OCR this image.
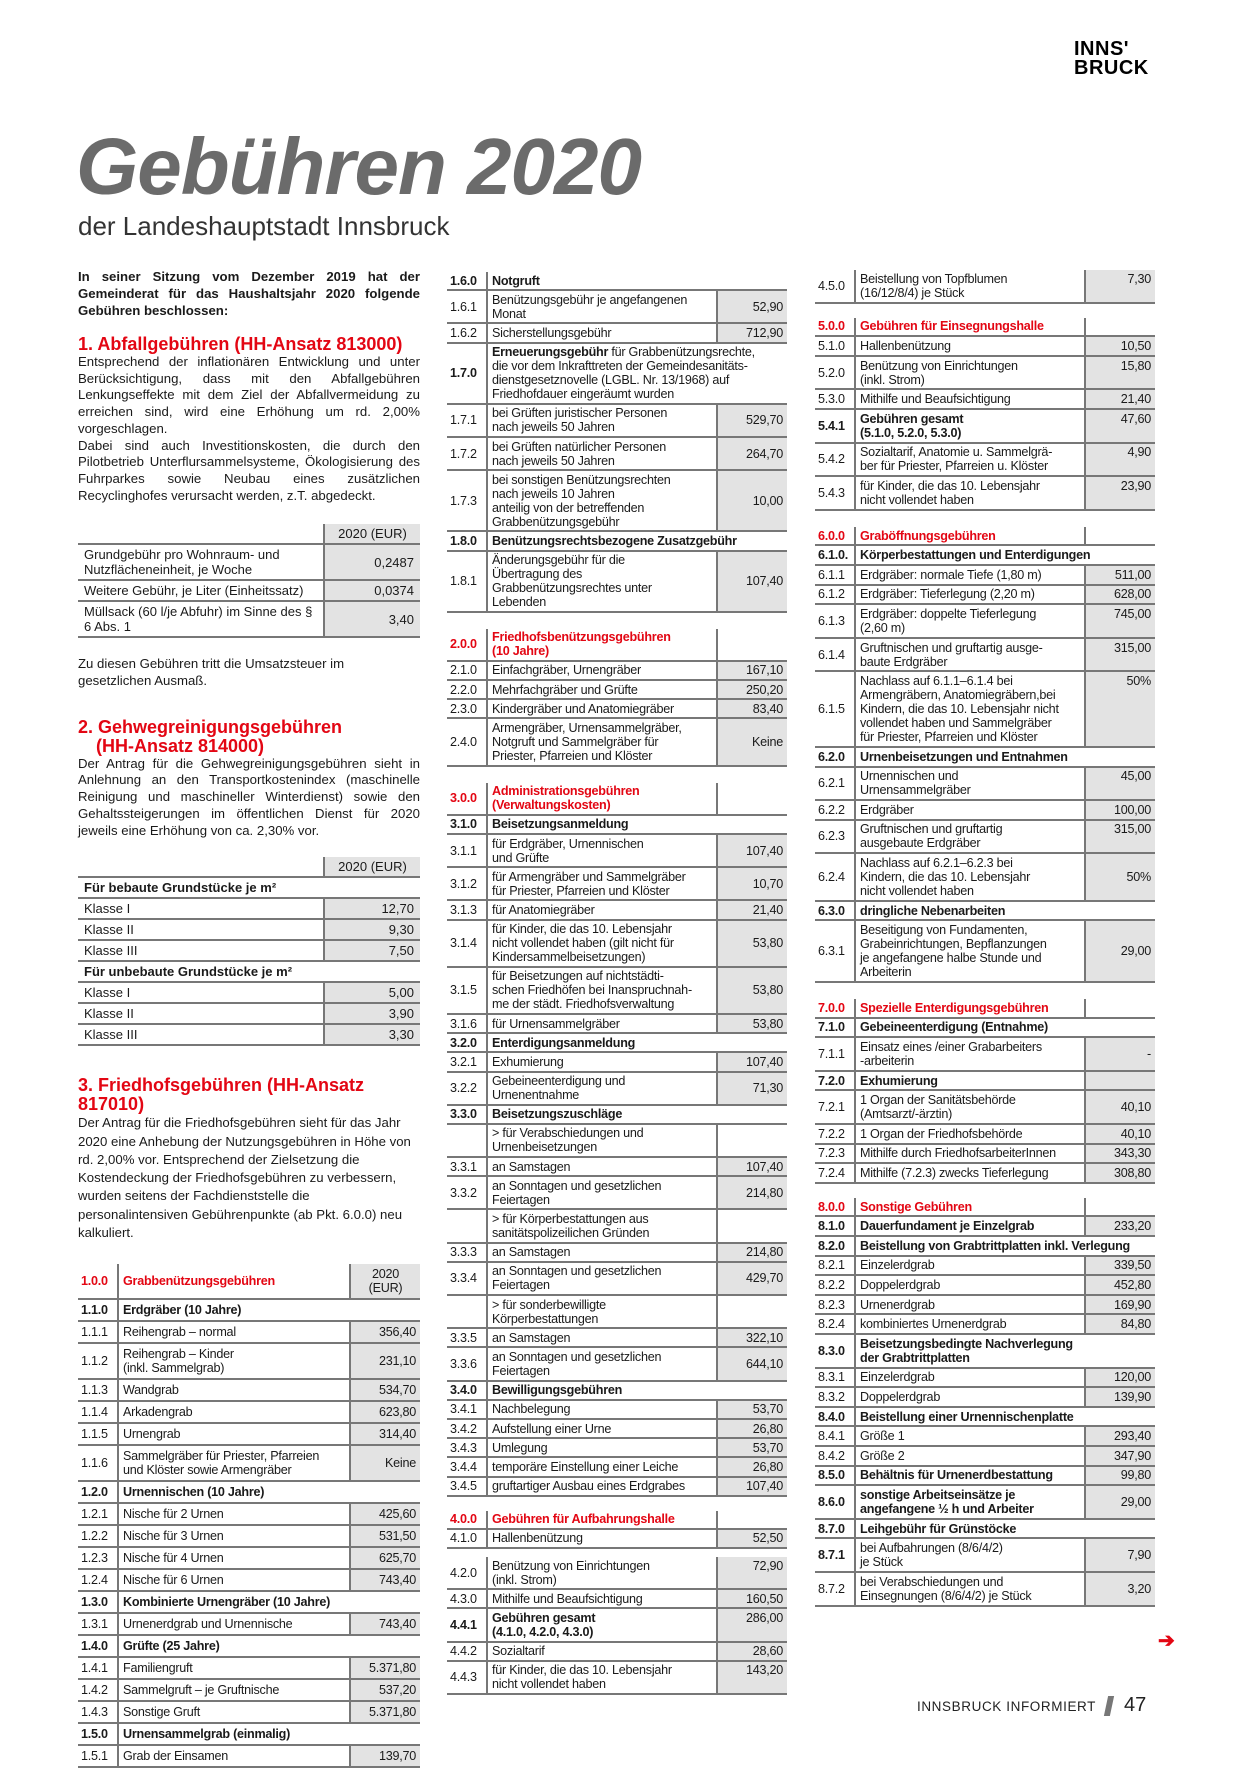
INNS'
BRUCK
Gebühren 2020
der Landeshauptstadt Innsbruck

In seiner Sitzung vom Dezember 2019 hat der Gemeinderat für das Haushaltsjahr 2020 folgende Gebühren beschlossen:

1. Abfallgebühren (HH-Ansatz 813000)

Entsprechend der inflationären Entwicklung und unter Berücksichtigung, dass mit den Abfallgebühren Lenkungseffekte mit dem Ziel der Abfallvermeidung zu erreichen sind, wird eine Erhöhung um rd. 2,00% vorgeschlagen.

Dabei sind auch Investitionskosten, die durch den Pilotbetrieb Unterflursammelsysteme, Ökologisierung des Fuhrparkes sowie Neubau eines zusätzlichen Recyclinghofes verursacht werden, z.T. abgedeckt.

	2020 (EUR)
Grundgebühr pro Wohnraum- und Nutzflächeneinheit, je Woche	0,2487
Weitere Gebühr, je Liter (Einheitssatz)	0,0374
Müllsack (60 l/je Abfuhr) im Sinne des § 6 Abs. 1	3,40

Zu diesen Gebühren tritt die Umsatzsteuer im gesetzlichen Ausmaß.

2. Gehwegreinigungsgebühren
(HH-Ansatz 814000)

Der Antrag für die Gehwegreinigungsgebühren sieht in Anlehnung an den Transportkostenindex (maschinelle Reinigung und maschineller Winterdienst) sowie den Gehaltssteigerungen im öffentlichen Dienst für 2020 jeweils eine Erhöhung von ca. 2,30% vor.

	2020 (EUR)
Für bebaute Grundstücke je m²	
Klasse I	12,70
Klasse II	9,30
Klasse III	7,50
Für unbebaute Grundstücke je m²	
Klasse I	5,00
Klasse II	3,90
Klasse III	3,30
3. Friedhofsgebühren (HH-Ansatz 817010)

Der Antrag für die Friedhofsgebühren sieht für das Jahr 2020 eine Anhebung der Nutzungsgebühren in Höhe von rd. 2,00% vor. Entsprechend der Zielsetzung die Kostendeckung der Friedhofsgebühren zu verbessern, wurden seitens der Fachdienststelle die personalintensiven Gebührenpunkte (ab Pkt. 6.0.0) neu kalkuliert.

1.0.0	Grabbenützungsgebühren	2020 (EUR)
1.1.0	Erdgräber (10 Jahre)	
1.1.1	Reihengrab – normal	356,40
1.1.2	Reihengrab – Kinder
(inkl. Sammelgrab)	231,10
1.1.3	Wandgrab	534,70
1.1.4	Arkadengrab	623,80
1.1.5	Urnengrab	314,40
1.1.6	Sammelgräber für Priester, Pfarreien
und Klöster sowie Armengräber	Keine
1.2.0	Urnennischen (10 Jahre)	
1.2.1	Nische für 2 Urnen	425,60
1.2.2	Nische für 3 Urnen	531,50
1.2.3	Nische für 4 Urnen	625,70
1.2.4	Nische für 6 Urnen	743,40
1.3.0	Kombinierte Urnengräber (10 Jahre)	
1.3.1	Urnenerdgrab und Urnennische	743,40
1.4.0	Grüfte (25 Jahre)	
1.4.1	Familiengruft	5.371,80
1.4.2	Sammelgruft – je Gruftnische	537,20
1.4.3	Sonstige Gruft	5.371,80
1.5.0	Urnensammelgrab (einmalig)	
1.5.1	Grab der Einsamen	139,70
1.6.0	Notgruft	
1.6.1	Benützungsgebühr je angefangenen
Monat	52,90
1.6.2	Sicherstellungsgebühr	712,90
1.7.0	Erneuerungsgebühr für Grabbenützungsrechte,
die vor dem Inkrafttreten der Gemeindesanitäts-
dienstgesetznovelle (LGBL. Nr. 13/1968) auf
Friedhofdauer eingeräumt wurden	
1.7.1	bei Grüften juristischer Personen
nach jeweils 50 Jahren	529,70
1.7.2	bei Grüften natürlicher Personen
nach jeweils 50 Jahren	264,70
1.7.3	bei sonstigen Benützungsrechten
nach jeweils 10 Jahren
anteilig von der betreffenden
Grabbenützungsgebühr	10,00
1.8.0	Benützungsrechtsbezogene Zusatzgebühr	
1.8.1	Änderungsgebühr für die
Übertragung des
Grabbenützungsrechtes unter
Lebenden	107,40
2.0.0	Friedhofsbenützungsgebühren
(10 Jahre)	
2.1.0	Einfachgräber, Urnengräber	167,10
2.2.0	Mehrfachgräber und Grüfte	250,20
2.3.0	Kindergräber und Anatomiegräber	83,40
2.4.0	Armengräber, Urnensammelgräber,
Notgruft und Sammelgräber für
Priester, Pfarreien und Klöster	Keine
3.0.0	Administrationsgebühren
(Verwaltungskosten)	
3.1.0	Beisetzungsanmeldung	
3.1.1	für Erdgräber, Urnennischen
und Grüfte	107,40
3.1.2	für Armengräber und Sammelgräber
für Priester, Pfarreien und Klöster	10,70
3.1.3	für Anatomiegräber	21,40
3.1.4	für Kinder, die das 10. Lebensjahr
nicht vollendet haben (gilt nicht für
Kindersammelbeisetzungen)	53,80
3.1.5	für Beisetzungen auf nichtstädti-
schen Friedhöfen bei Inanspruchnah-
me der städt. Friedhofsverwaltung	53,80
3.1.6	für Urnensammelgräber	53,80
3.2.0	Enterdigungsanmeldung	
3.2.1	Exhumierung	107,40
3.2.2	Gebeineenterdigung und
Urnenentnahme	71,30
3.3.0	Beisetzungszuschläge	
	> für Verabschiedungen und
Urnenbeisetzungen	
3.3.1	an Samstagen	107,40
3.3.2	an Sonntagen und gesetzlichen
Feiertagen	214,80
	> für Körperbestattungen aus
sanitätspolizeilichen Gründen	
3.3.3	an Samstagen	214,80
3.3.4	an Sonntagen und gesetzlichen
Feiertagen	429,70
	> für sonderbewilligte
Körperbestattungen	
3.3.5	an Samstagen	322,10
3.3.6	an Sonntagen und gesetzlichen
Feiertagen	644,10
3.4.0	Bewilligungsgebühren	
3.4.1	Nachbelegung	53,70
3.4.2	Aufstellung einer Urne	26,80
3.4.3	Umlegung	53,70
3.4.4	temporäre Einstellung einer Leiche	26,80
3.4.5	gruftartiger Ausbau eines Erdgrabes	107,40
4.0.0	Gebühren für Aufbahrungshalle	
4.1.0	Hallenbenützung	52,50
4.2.0	Benützung von Einrichtungen
(inkl. Strom)	72,90
4.3.0	Mithilfe und Beaufsichtigung	160,50
4.4.1	Gebühren gesamt
(4.1.0, 4.2.0, 4.3.0)	286,00
4.4.2	Sozialtarif	28,60
4.4.3	für Kinder, die das 10. Lebensjahr
nicht vollendet haben	143,20
4.5.0	Beistellung von Topfblumen
(16/12/8/4) je Stück	7,30
5.0.0	Gebühren für Einsegnungshalle	
5.1.0	Hallenbenützung	10,50
5.2.0	Benützung von Einrichtungen
(inkl. Strom)	15,80
5.3.0	Mithilfe und Beaufsichtigung	21,40
5.4.1	Gebühren gesamt
(5.1.0, 5.2.0, 5.3.0)	47,60
5.4.2	Sozialtarif, Anatomie u. Sammelgrä-
ber für Priester, Pfarreien u. Klöster	4,90
5.4.3	für Kinder, die das 10. Lebensjahr
nicht vollendet haben	23,90
6.0.0	Graböffnungsgebühren	
6.1.0.	Körperbestattungen und Enterdigungen	
6.1.1	Erdgräber: normale Tiefe (1,80 m)	511,00
6.1.2	Erdgräber: Tieferlegung (2,20 m)	628,00
6.1.3	Erdgräber: doppelte Tieferlegung
(2,60 m)	745,00
6.1.4	Gruftnischen und gruftartig ausge-
baute Erdgräber	315,00
6.1.5	Nachlass auf 6.1.1–6.1.4 bei
Armengräbern, Anatomiegräbern,bei
Kindern, die das 10. Lebensjahr nicht
vollendet haben und Sammelgräber
für Priester, Pfarreien und Klöster	50%
6.2.0	Urnenbeisetzungen und Entnahmen	
6.2.1	Urnennischen und
Urnensammelgräber	45,00
6.2.2	Erdgräber	100,00
6.2.3	Gruftnischen und gruftartig
ausgebaute Erdgräber	315,00
6.2.4	Nachlass auf 6.2.1–6.2.3 bei
Kindern, die das 10. Lebensjahr
nicht vollendet haben	50%
6.3.0	dringliche Nebenarbeiten	
6.3.1	Beseitigung von Fundamenten,
Grabeinrichtungen, Bepflanzungen
je angefangene halbe Stunde und
Arbeiterin	29,00
7.0.0	Spezielle Enterdigungsgebühren	
7.1.0	Gebeineenterdigung (Entnahme)	
7.1.1	Einsatz eines /einer Grabarbeiters
-arbeiterin	-
7.2.0	Exhumierung	
7.2.1	1 Organ der Sanitätsbehörde
(Amtsarzt/-ärztin)	40,10
7.2.2	1 Organ der Friedhofsbehörde	40,10
7.2.3	Mithilfe durch FriedhofsarbeiterInnen	343,30
7.2.4	Mithilfe (7.2.3) zwecks Tieferlegung	308,80
8.0.0	Sonstige Gebühren	
8.1.0	Dauerfundament je Einzelgrab	233,20
8.2.0	Beistellung von Grabtrittplatten inkl. Verlegung	
8.2.1	Einzelerdgrab	339,50
8.2.2	Doppelerdgrab	452,80
8.2.3	Urnenerdgrab	169,90
8.2.4	kombiniertes Urnenerdgrab	84,80
8.3.0	Beisetzungsbedingte Nachverlegung
der Grabtrittplatten	
8.3.1	Einzelerdgrab	120,00
8.3.2	Doppelerdgrab	139,90
8.4.0	Beistellung einer Urnennischenplatte	
8.4.1	Größe 1	293,40
8.4.2	Größe 2	347,90
8.5.0	Behältnis für Urnenerdbestattung	99,80
8.6.0	sonstige Arbeitseinsätze je
angefangene ½ h und Arbeiter	29,00
8.7.0	Leihgebühr für Grünstöcke	
8.7.1	bei Aufbahrungen (8/6/4/2)
je Stück	7,90
8.7.2	bei Verabschiedungen und
Einsegnungen (8/6/4/2) je Stück	3,20
➔
INNSBRUCK INFORMIERT 47
